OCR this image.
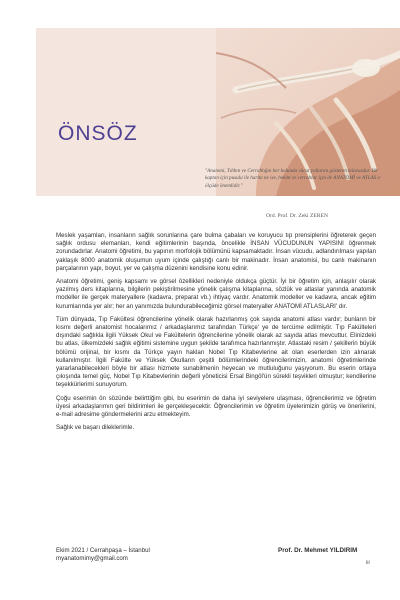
ÖNSÖZ
"Anatomi, Tıbbın ve Cerrahlığın her kolunda vücut yollarını gösteren kılavuzdur. Bir kaptan için pusula ile harita ne ise, hekim ve cerrahlar için de ANATOMİ ve ATLAS o ölçüde önemlidir."
Ord. Prof. Dr. Zeki ZEREN

Meslek yaşamları, insanların sağlık sorunlarına çare bulma çabaları ve koruyucu tıp prensiplerini öğreterek geçen sağlık ordusu elemanları, kendi eğitimlerinin başında, öncelikle İNSAN VÜCUDUNUN YAPISINI öğrenmek zorundadırlar. Anatomi öğretimi, bu yapının morfolojik bölümünü kapsamaktadır. İnsan vücudu, adlandırılması yapılan yaklaşık 8000 anatomik oluşumun uyum içinde çalıştığı canlı bir makinadır. İnsan anatomisi, bu canlı makinanın parçalarının yapı, boyut, yer ve çalışma düzenini kendisine konu edinir.

Anatomi öğretimi, geniş kapsamı ve görsel özellikleri nedeniyle oldukça güçtür. İyi bir öğretim için, anlaşılır olarak yazılmış ders kitaplarına, bilgilerin pekiştirilmesine yönelik çalışma kitaplarına, sözlük ve atlaslar yanında anatomik modeller ile gerçek materyallere (kadavra, preparat vb.) ihtiyaç vardır. Anatomik modeller ve kadavra, ancak eğitim kurumlarında yer alır; her an yanımızda bulundurabileceğimiz görsel materyaller ANATOMİ ATLASLARI' dır.

Tüm dünyada, Tıp Fakültesi öğrencilerine yönelik olarak hazırlanmış çok sayıda anatomi atlası vardır; bunların bir kısmı değerli anatomist hocalarımız / arkadaşlarımız tarafından Türkçe' ye de tercüme edilmiştir. Tıp Fakülteleri dışındaki sağlıkla ilgili Yüksek Okul ve Fakültelerin öğrencilerine yönelik olarak az sayıda atlas mevcuttur. Elinizdeki bu atlas, ülkemizdeki sağlık eğitimi sistemine uygun şekilde tarafımca hazırlanmıştır. Atlastaki resim / şekillerin büyük bölümü orijinal, bir kısmı da Türkçe yayın hakları Nobel Tıp Kitabevlerine ait olan eserlerden izin alınarak kullanılmıştır. İlgili Fakülte ve Yüksek Okulların çeşitli bölümlerindeki öğrencilerimizin, anatomi öğretimlerinde yararlanabilecekleri böyle bir atlası hizmete sunabilmenin heyecan ve mutluluğunu yaşıyorum. Bu eserin ortaya çıkışında temel güç, Nobel Tıp Kitabevlerinin değerli yöneticisi Ersal Bingöl'ün sürekli teşvikleri olmuştur; kendilerine teşekkürlerimi sunuyorum.

Çoğu eserimin ön sözünde belirttiğim gibi, bu eserimin de daha iyi seviyelere ulaşması, öğrencilerimiz ve öğretim üyesi arkadaşlarımın geri bildirimleri ile gerçekleşecektir. Öğrencilerimin ve öğretim üyelerimizin görüş ve önerilerini, e-mail adresime göndermelerini arzu etmekteyim.

Sağlık ve başarı dileklerimle.

Ekim 2021 / Cerrahpaşa – İstanbul
myanatomimy@gmail.com
Prof. Dr. Mehmet YILDIRIM
iii
